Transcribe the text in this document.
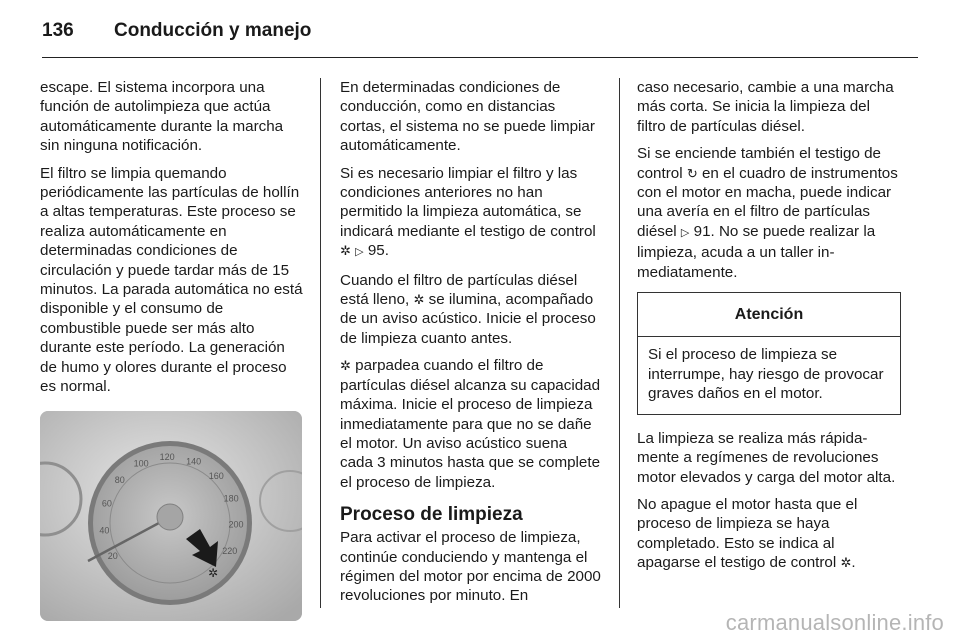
136 Conducción y manejo

escape. El sistema incorpora una función de autolimpieza que actúa automáticamente durante la marcha sin ninguna notificación.

El filtro se limpia quemando periódicamente las partículas de hollín a altas temperaturas. Este proceso se realiza automáticamente en determinadas condiciones de circulación y puede tardar más de 15 minutos. La parada automática no está disponible y el consumo de combustible puede ser más alto durante este período. La generación de humo y olores durante el proceso es normal.

20
40
60
80
100
120 140
160
180
200
220
✲

En determinadas condiciones de conducción, como en distancias cortas, el sistema no se puede limpiar automáticamente.

Si es necesario limpiar el filtro y las condiciones anteriores no han permitido la limpieza automática, se indicará mediante el testigo de control ✲ ▷ 95.

Cuando el filtro de partículas diésel está lleno, ✲ se ilumina, acompañado de un aviso acústico. Inicie el proceso de limpieza cuanto antes.

✲ parpadea cuando el filtro de partículas diésel alcanza su capacidad máxima. Inicie el proceso de limpieza inmediatamente para que no se dañe el motor. Un aviso acústico suena cada 3 minutos hasta que se complete el proceso de limpieza.

Proceso de limpieza

Para activar el proceso de limpieza, continúe conduciendo y mantenga el régimen del motor por encima de 2000 revoluciones por minuto. En

caso necesario, cambie a una marcha más corta. Se inicia la limpieza del filtro de partículas diésel.

Si se enciende también el testigo de control ↻ en el cuadro de instrumentos con el motor en macha, puede indicar una avería en el filtro de partículas diésel ▷ 91. No se puede realizar la limpieza, acuda a un taller inmediatamente.

Atención
Si el proceso de limpieza se interrumpe, hay riesgo de provocar graves daños en el motor.

La limpieza se realiza más rápidamente a regímenes de revoluciones motor elevados y carga del motor alta.

No apague el motor hasta que el proceso de limpieza se haya completado. Esto se indica al apagarse el testigo de control ✲.

carmanualsonline.info
